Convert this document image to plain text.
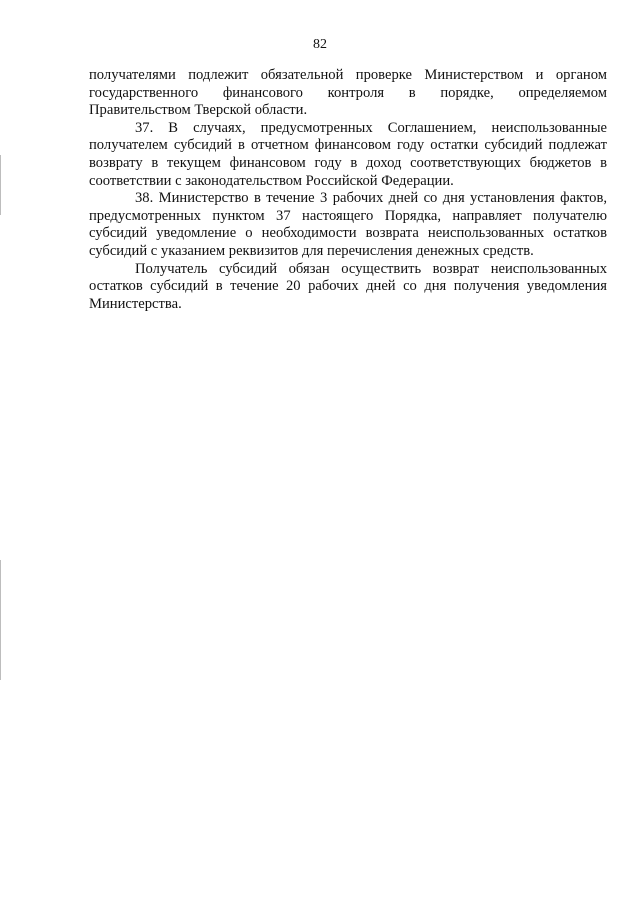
82

получателями подлежит обязательной проверке Министерством и органом государственного финансового контроля в порядке, определяемом Правительством Тверской области.

37. В случаях, предусмотренных Соглашением, неиспользованные получателем субсидий в отчетном финансовом году остатки субсидий подлежат возврату в текущем финансовом году в доход соответствующих бюджетов в соответствии с законодательством Российской Федерации.

38. Министерство в течение 3 рабочих дней со дня установления фактов, предусмотренных пунктом 37 настоящего Порядка, направляет получателю субсидий уведомление о необходимости возврата неиспользованных остатков субсидий с указанием реквизитов для перечисления денежных средств.

Получатель субсидий обязан осуществить возврат неиспользованных остатков субсидий в течение 20 рабочих дней со дня получения уведомления Министерства.
